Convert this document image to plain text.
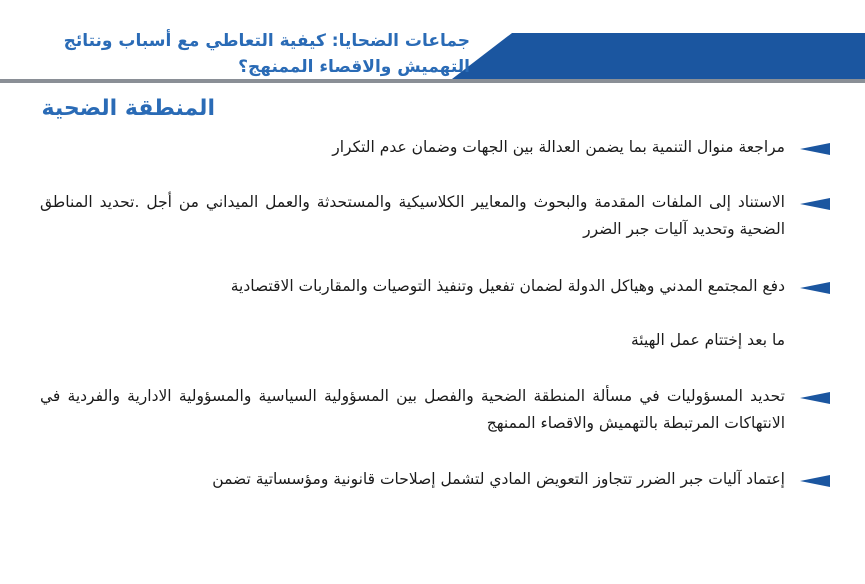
جماعات الضحايا: كيفية التعاطي مع أسباب ونتائج التهميش والاقصاء الممنهج؟
المنطقة الضحية
مراجعة منوال التنمية بما يضمن العدالة بين الجهات وضمان عدم التكرار
الاستناد إلى الملفات المقدمة والبحوث والمعايير الكلاسيكية والمستحدثة والعمل الميداني من أجل .تحديد المناطق الضحية وتحديد آليات جبر الضرر
دفع المجتمع المدني وهياكل الدولة لضمان تفعيل وتنفيذ التوصيات والمقاربات الاقتصادية
ما بعد إختتام عمل الهيئة
تحديد المسؤوليات في مسألة المنطقة الضحية والفصل بين المسؤولية السياسية والمسؤولية الادارية والفردية في الانتهاكات المرتبطة بالتهميش والاقصاء الممنهج
إعتماد آليات جبر الضرر تتجاوز التعويض المادي لتشمل إصلاحات قانونية ومؤسساتية تضمن
